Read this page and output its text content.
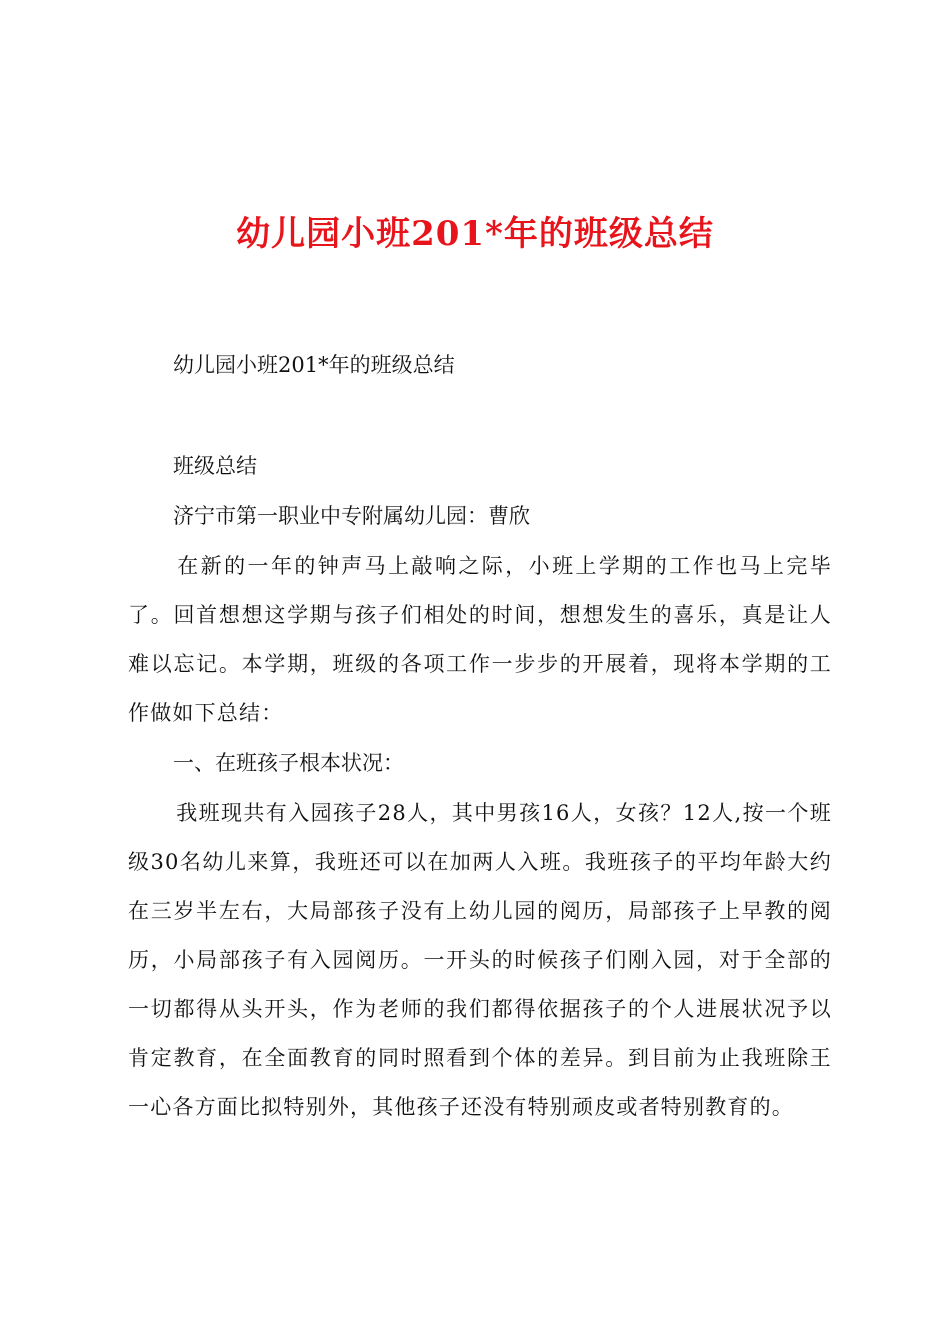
幼儿园小班201*年的班级总结
幼儿园小班201*年的班级总结
班级总结
济宁市第一职业中专附属幼儿园：曹欣
在新的一年的钟声马上敲响之际，小班上学期的工作也马上完毕了。回首想想这学期与孩子们相处的时间，想想发生的喜乐，真是让人难以忘记。本学期，班级的各项工作一步步的开展着，现将本学期的工作做如下总结：
一、在班孩子根本状况：
我班现共有入园孩子28人，其中男孩16人，女孩？12人,按一个班级30名幼儿来算，我班还可以在加两人入班。我班孩子的平均年龄大约在三岁半左右，大局部孩子没有上幼儿园的阅历，局部孩子上早教的阅历，小局部孩子有入园阅历。一开头的时候孩子们刚入园，对于全部的一切都得从头开头，作为老师的我们都得依据孩子的个人进展状况予以肯定教育，在全面教育的同时照看到个体的差异。到目前为止我班除王一心各方面比拟特别外，其他孩子还没有特别顽皮或者特别教育的。
